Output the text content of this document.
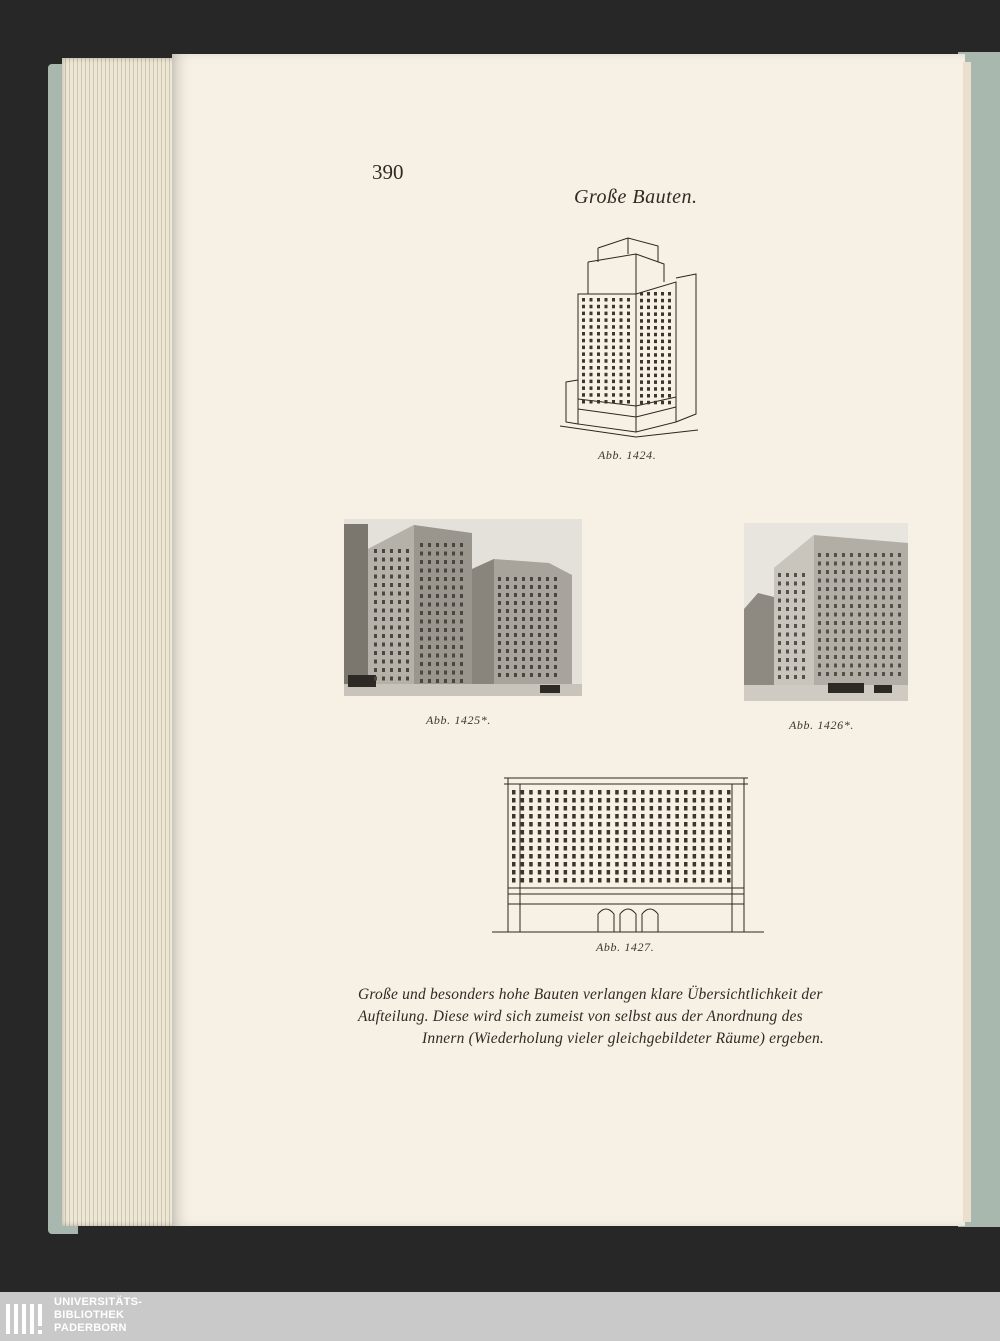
390

Große Bauten.

Abb. 1424.

Abb. 1425*.	Abb. 1426*.

Abb. 1427.

Große und besonders hohe Bauten verlangen klare Übersichtlichkeit der
Aufteilung. Diese wird sich zumeist von selbst aus der Anordnung des
Innern (Wiederholung vieler gleichgebildeter Räume) ergeben.

UNIVERSITÄTS-
BIBLIOTHEK
PADERBORN
